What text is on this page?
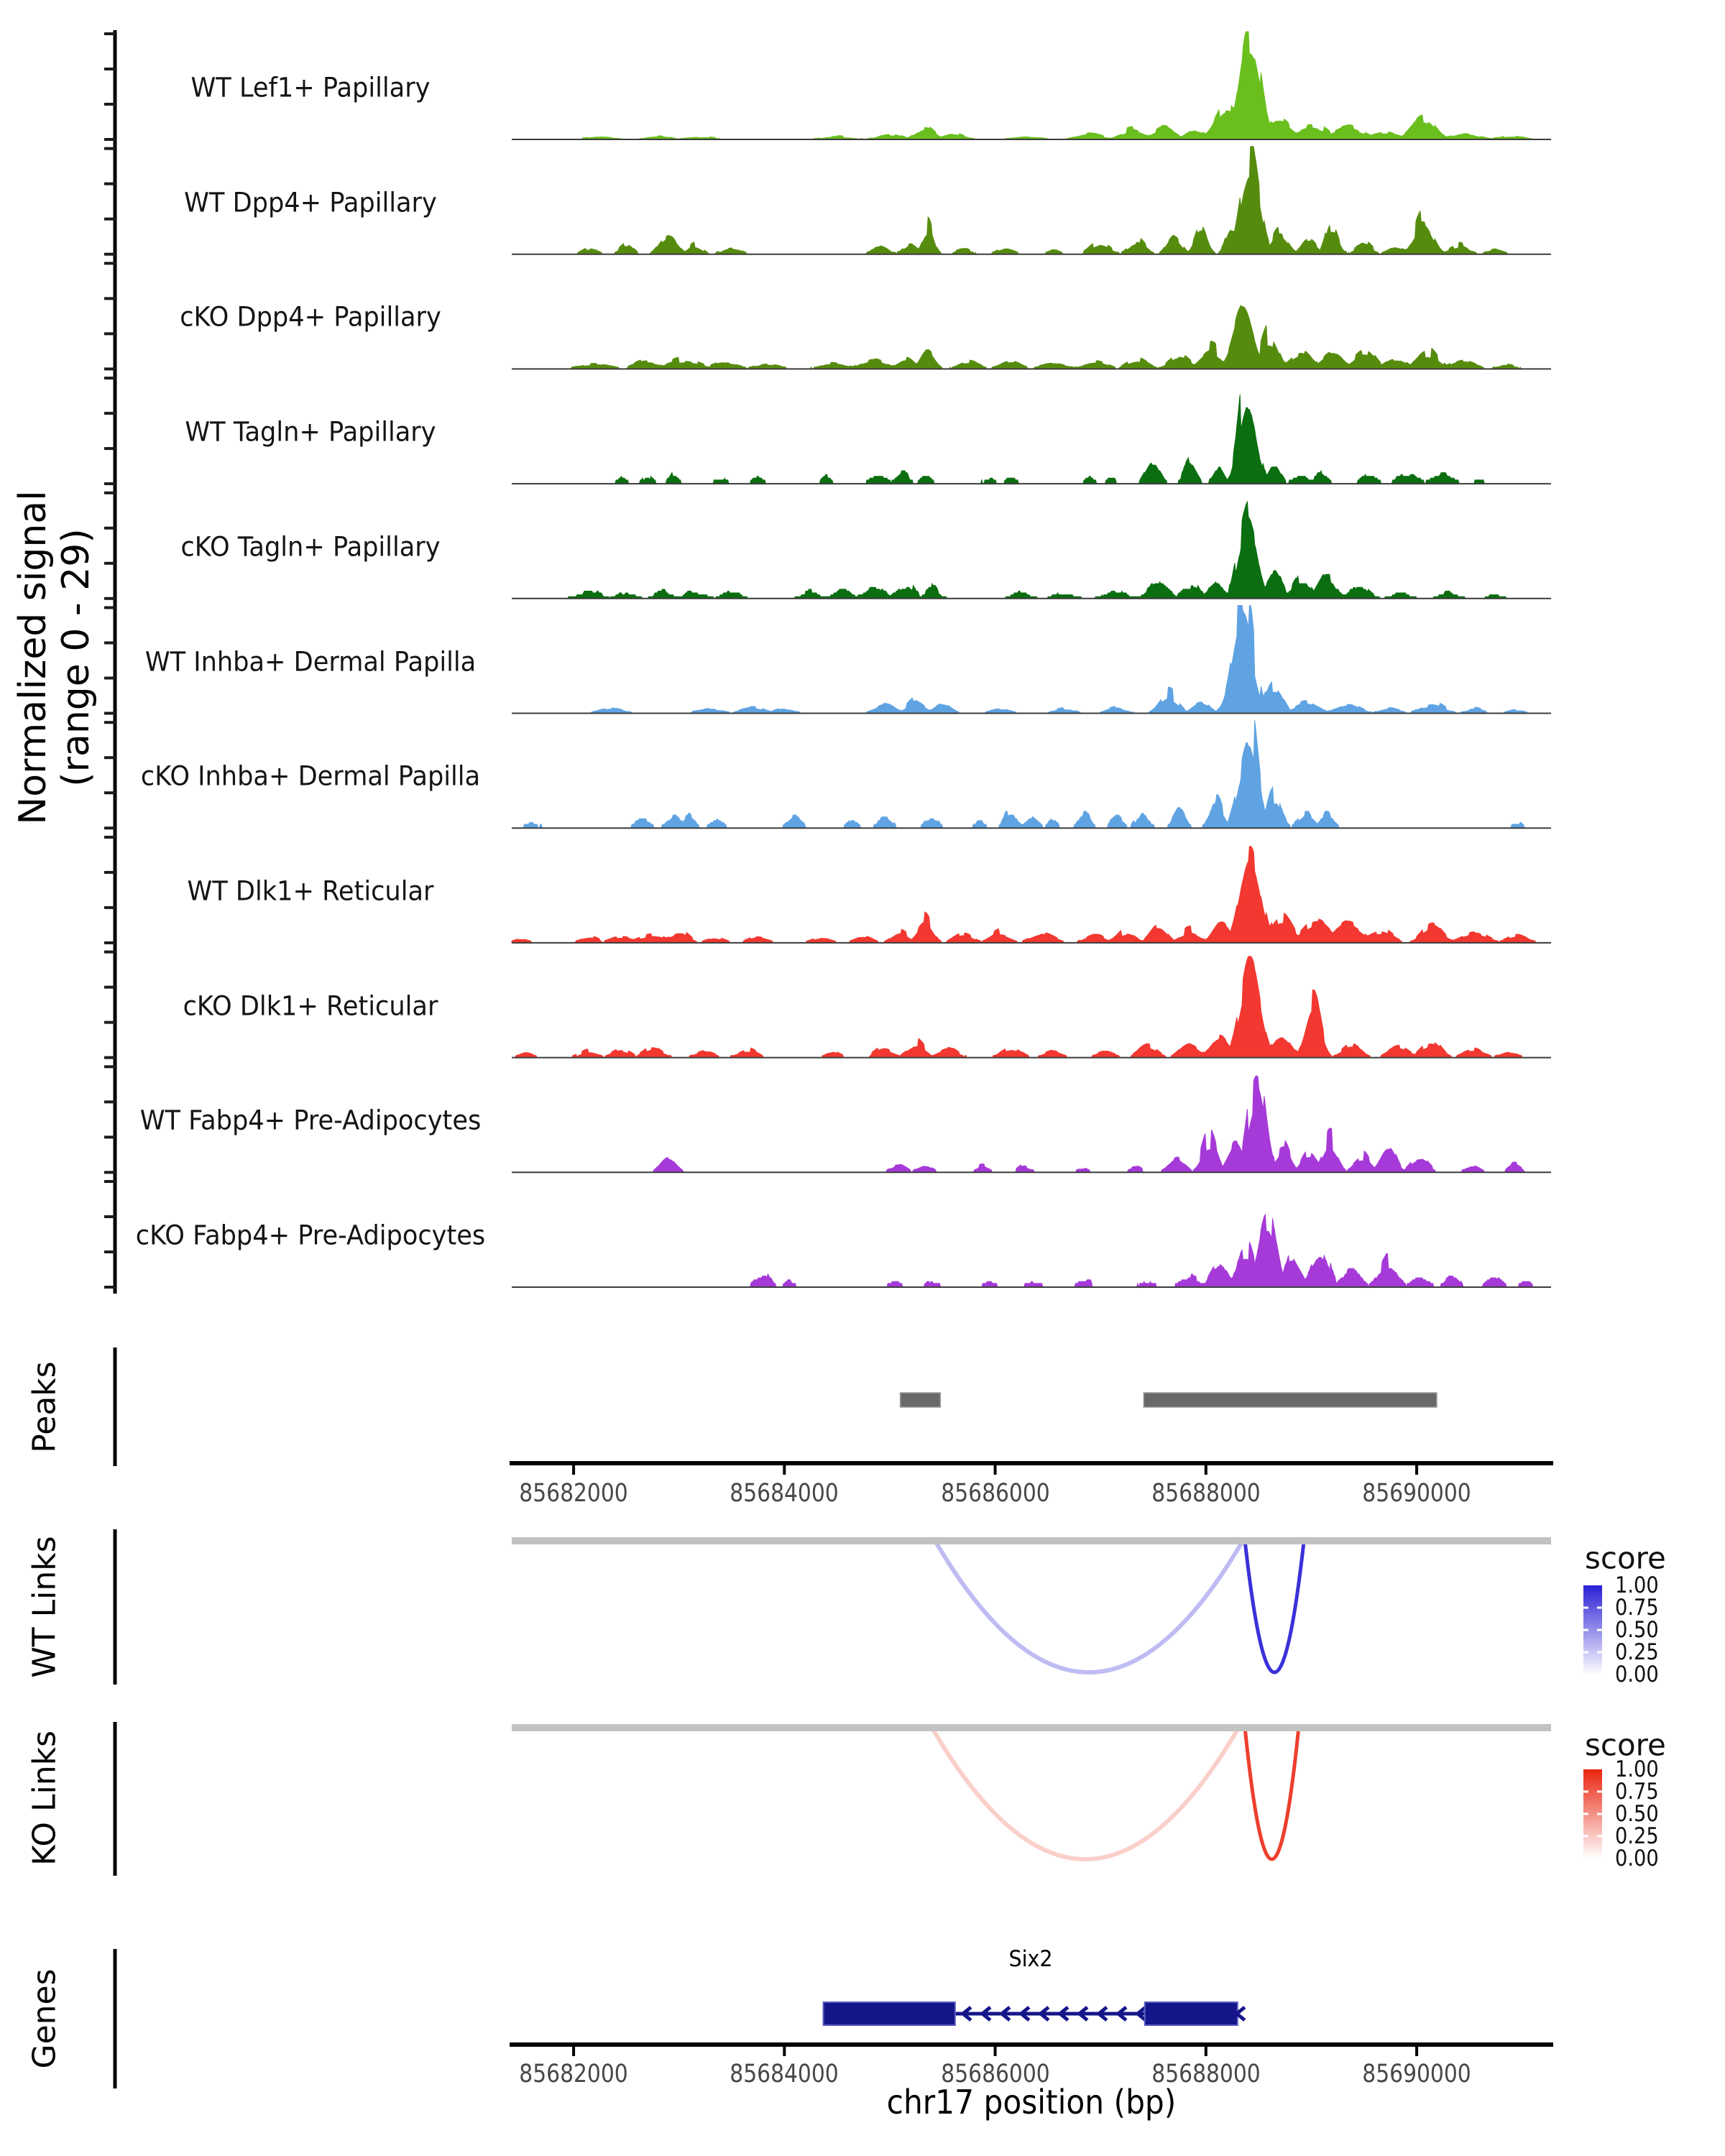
Normalized signal
(range 0 - 29)
Peaks
WT Links
KO Links
Genes
score
score
chr17 position (bp)
WT Lef1+ Papillary
WT Dpp4+ Papillary
cKO Dpp4+ Papillary
WT Tagln+ Papillary
cKO Tagln+ Papillary
WT Inhba+ Dermal Papilla
cKO Inhba+ Dermal Papilla
WT Dlk1+ Reticular
cKO Dlk1+ Reticular
WT Fabp4+ Pre-Adipocytes
cKO Fabp4+ Pre-Adipocytes
85682000	85684000	85686000	85688000	85690000
85682000	85684000	85686000	85688000	85690000
1.00
0.75
0.50
0.25
0.00
1.00
0.75
0.50
0.25
0.00
Six2
